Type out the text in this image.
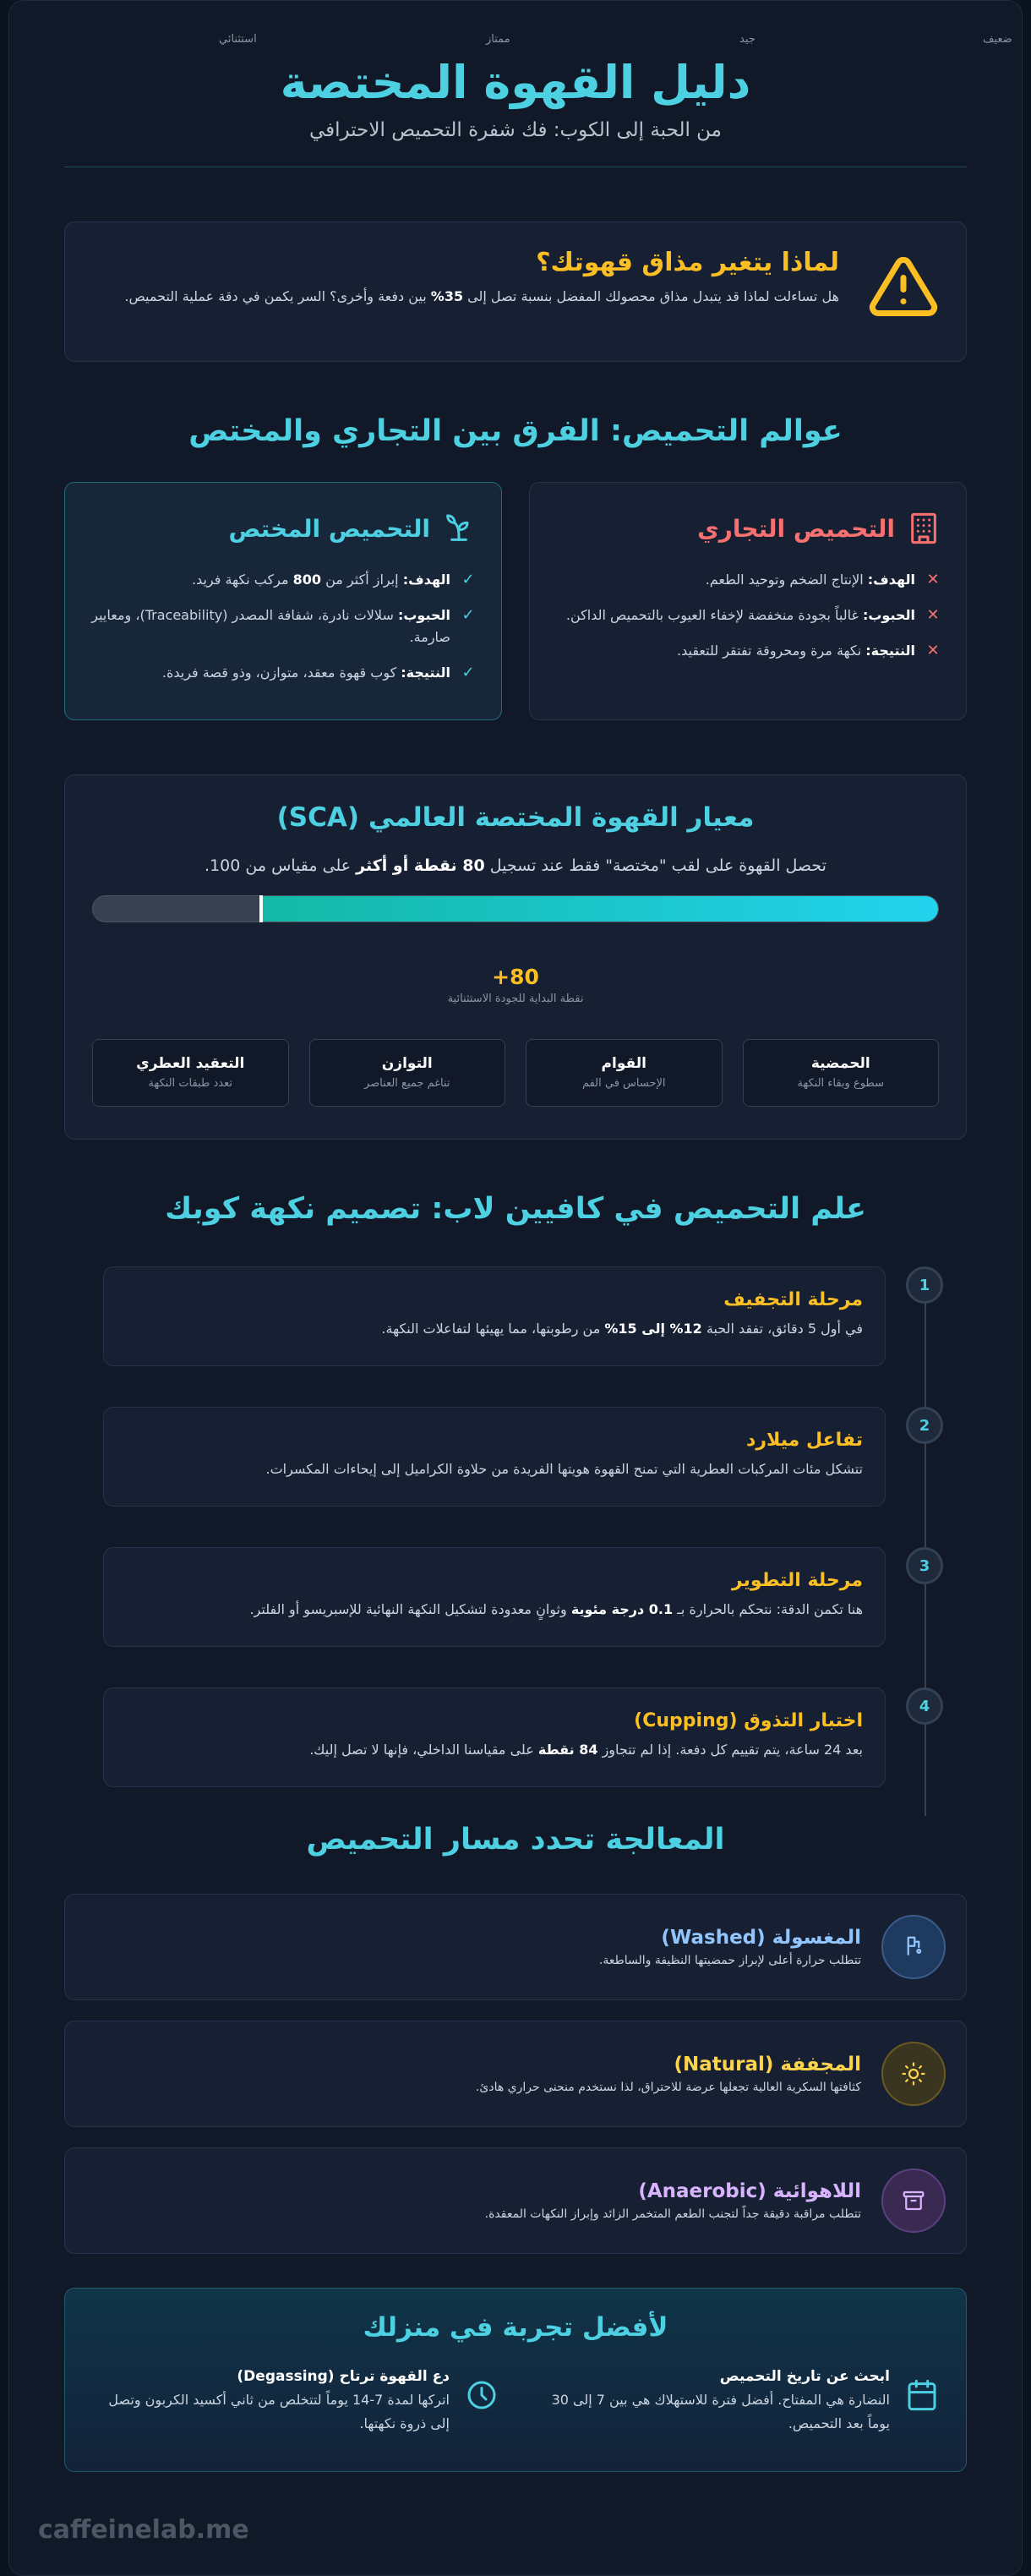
استثنائي	ممتاز	جيد	ضعيف
دليل القهوة المختصة
من الحبة إلى الكوب: فك شفرة التحميص الاحترافي
لماذا يتغير مذاق قهوتك؟

هل تساءلت لماذا قد يتبدل مذاق محصولك المفضل بنسبة تصل إلى 35% بين دفعة وأخرى؟ السر يكمن في دقة عملية التحميص.

عوالم التحميص: الفرق بين التجاري والمختص
التحميص التجاري
✕
الهدف: الإنتاج الضخم وتوحيد الطعم.
✕
الحبوب: غالباً بجودة منخفضة لإخفاء العيوب بالتحميص الداكن.
✕
النتيجة: نكهة مرة ومحروقة تفتقر للتعقيد.
التحميص المختص
✓
الهدف: إبراز أكثر من 800 مركب نكهة فريد.
✓
الحبوب: سلالات نادرة، شفافة المصدر (Traceability)، ومعايير صارمة.
✓
النتيجة: كوب قهوة معقد، متوازن، وذو قصة فريدة.
معيار القهوة المختصة العالمي (SCA)

تحصل القهوة على لقب "مختصة" فقط عند تسجيل 80 نقطة أو أكثر على مقياس من 100.

+80
نقطة البداية للجودة الاستثنائية
الحمضية
سطوع وبقاء النكهة
القوام
الإحساس في الفم
التوازن
تناغم جميع العناصر
التعقيد العطري
تعدد طبقات النكهة
علم التحميص في كافيين لاب: تصميم نكهة كوبك
1
مرحلة التجفيف
في أول 5 دقائق، تفقد الحبة 12% إلى 15% من رطوبتها، مما يهيئها لتفاعلات النكهة.
2
تفاعل ميلارد
تتشكل مئات المركبات العطرية التي تمنح القهوة هويتها الفريدة من حلاوة الكراميل إلى إيحاءات المكسرات.
3
مرحلة التطوير
هنا تكمن الدقة: نتحكم بالحرارة بـ 0.1 درجة مئوية وثوانٍ معدودة لتشكيل النكهة النهائية للإسبريسو أو الفلتر.
4
اختبار التذوق (Cupping)
بعد 24 ساعة، يتم تقييم كل دفعة. إذا لم تتجاوز 84 نقطة على مقياسنا الداخلي، فإنها لا تصل إليك.
المعالجة تحدد مسار التحميص
المغسولة (Washed)
تتطلب حرارة أعلى لإبراز حمضيتها النظيفة والساطعة.
المجففة (Natural)
كثافتها السكرية العالية تجعلها عرضة للاحتراق، لذا نستخدم منحنى حراري هادئ.
اللاهوائية (Anaerobic)
تتطلب مراقبة دقيقة جداً لتجنب الطعم المتخمر الزائد وإبراز النكهات المعقدة.
لأفضل تجربة في منزلك
ابحث عن تاريخ التحميص
النضارة هي المفتاح. أفضل فترة للاستهلاك هي بين 7 إلى 30 يوماً بعد التحميص.
دع القهوة ترتاح (Degassing)
اتركها لمدة 7-14 يوماً لتتخلص من ثاني أكسيد الكربون وتصل إلى ذروة نكهتها.
caffeinelab.me
